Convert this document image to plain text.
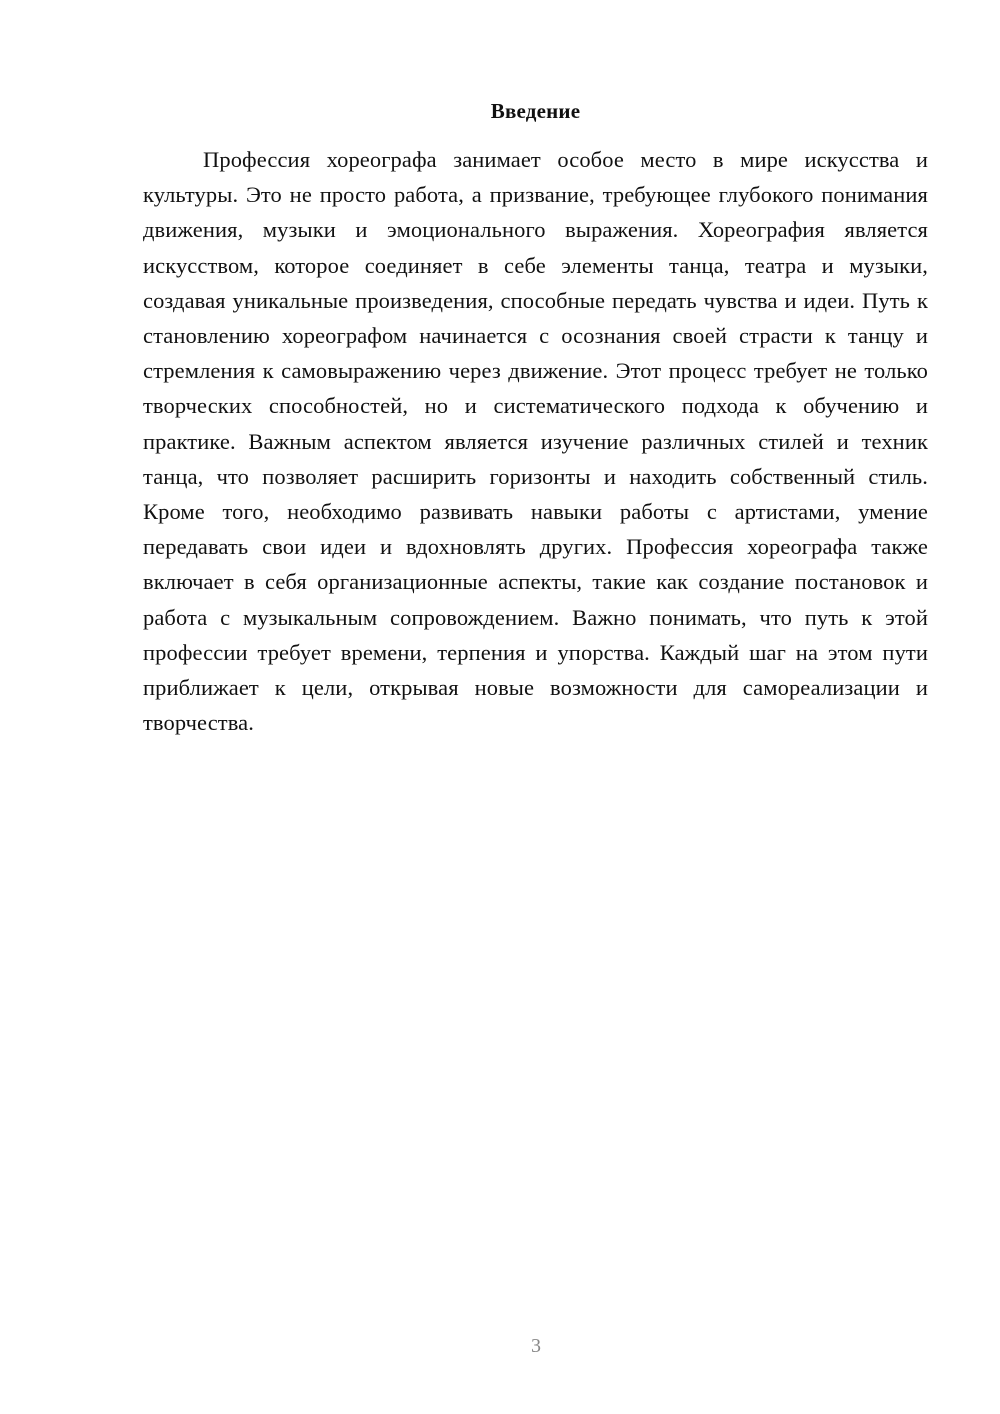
Введение

Профессия хореографа занимает особое место в мире искусства и культуры. Это не просто работа, а призвание, требующее глубокого понимания движения, музыки и эмоционального выражения. Хореография является искусством, которое соединяет в себе элементы танца, театра и музыки, создавая уникальные произведения, способные передать чувства и идеи. Путь к становлению хореографом начинается с осознания своей страсти к танцу и стремления к самовыражению через движение. Этот процесс требует не только творческих способностей, но и систематического подхода к обучению и практике. Важным аспектом является изучение различных стилей и техник танца, что позволяет расширить горизонты и находить собственный стиль. Кроме того, необходимо развивать навыки работы с артистами, умение передавать свои идеи и вдохновлять других. Профессия хореографа также включает в себя организационные аспекты, такие как создание постановок и работа с музыкальным сопровождением. Важно понимать, что путь к этой профессии требует времени, терпения и упорства. Каждый шаг на этом пути приближает к цели, открывая новые возможности для самореализации и творчества.

3
